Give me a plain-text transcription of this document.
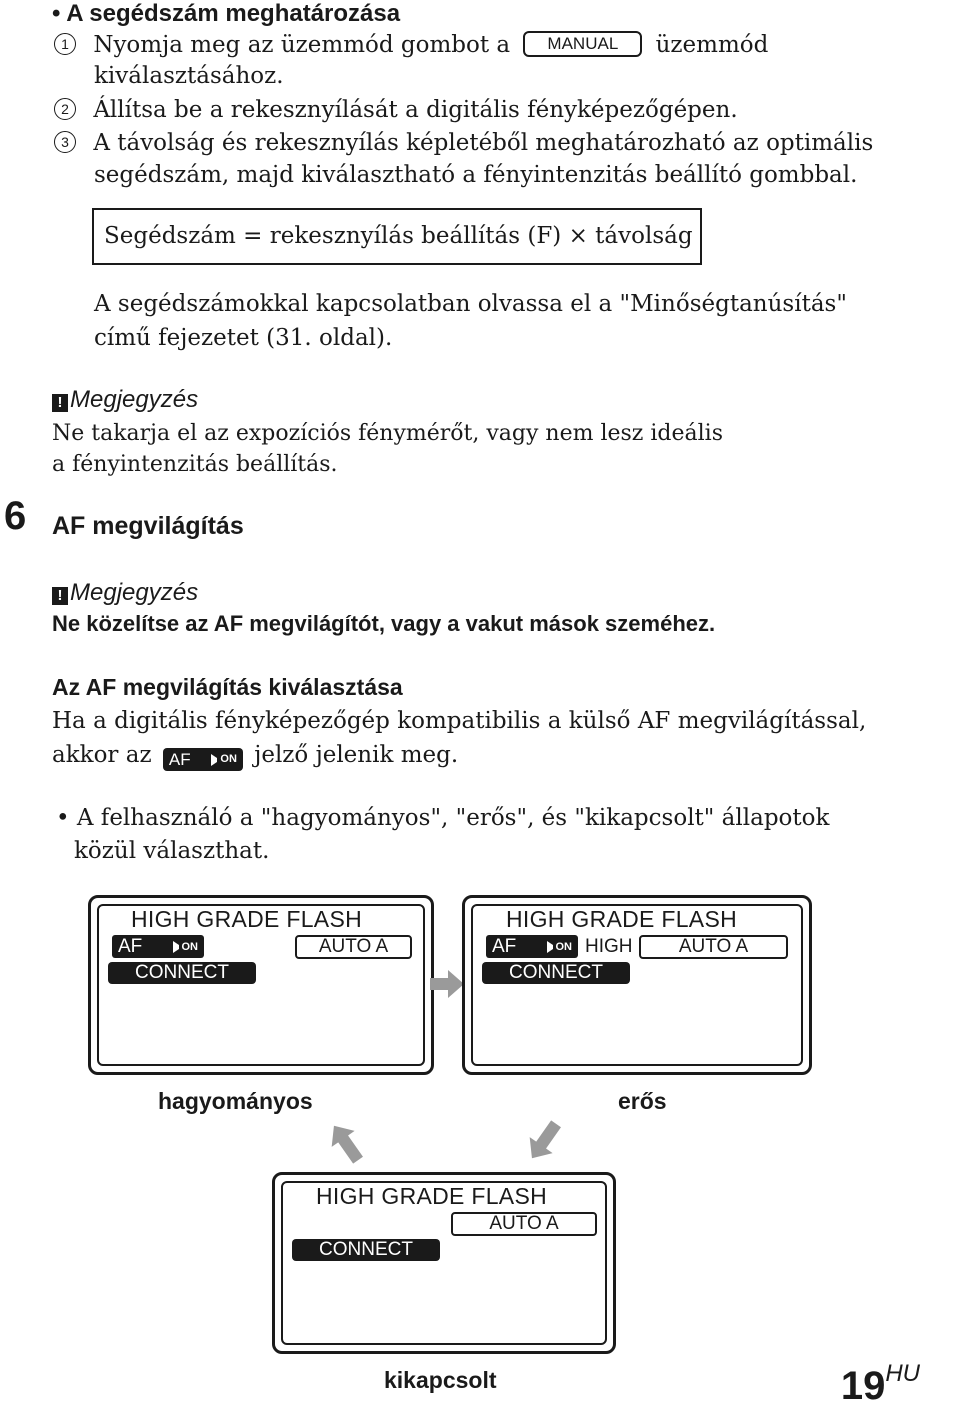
• A segédszám meghatározása
1 Nyomja meg az üzemmód gombot a MANUAL üzemmód
kiválasztásához.
2 Állítsa be a rekesznyílását a digitális fényképezőgépen.
3 A távolság és rekesznyílás képletéből meghatározható az optimális
segédszám, majd kiválasztható a fényintenzitás beállító gombbal.
Segédszám = rekesznyílás beállítás (F) × távolság
A segédszámokkal kapcsolatban olvassa el a "Minőségtanúsítás"
című fejezetet (31. oldal).
! Megjegyzés
Ne takarja el az expozíciós fénymérőt, vagy nem lesz ideális
a fényintenzitás beállítás.
6 AF megvilágítás
! Megjegyzés
Ne közelítse az AF megvilágítót, vagy a vakut mások szeméhez.
Az AF megvilágítás kiválasztása
Ha a digitális fényképezőgép kompatibilis a külső AF megvilágítással,
akkor az AF	ON jelző jelenik meg.
• A felhasználó a "hagyományos", "erős", és "kikapcsolt" állapotok
közül választhat.
HIGH GRADE FLASH
AF	ON	AUTO A
CONNECT
HIGH GRADE FLASH
AF	ON HIGH	AUTO A
CONNECT
hagyományos	erős
HIGH GRADE FLASH
AUTO A
CONNECT
kikapcsolt	19HU
